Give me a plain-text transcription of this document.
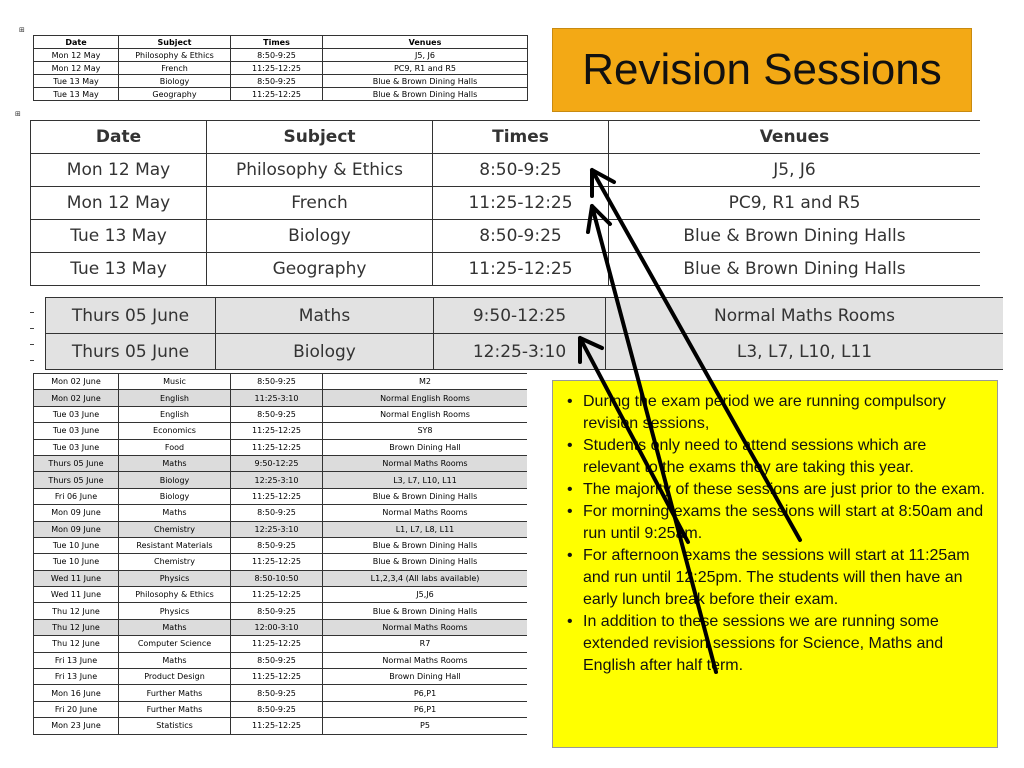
Date	Subject	Times	Venues
Mon 12 May	Philosophy & Ethics	8:50-9:25	J5, J6
Mon 12 May	French	11:25-12:25	PC9, R1 and R5
Tue 13 May	Biology	8:50-9:25	Blue & Brown Dining Halls
Tue 13 May	Geography	11:25-12:25	Blue & Brown Dining Halls
⊞
Date	Subject	Times	Venues
Mon 12 May	Philosophy & Ethics	8:50-9:25	J5, J6
Mon 12 May	French	11:25-12:25	PC9, R1 and R5
Tue 13 May	Biology	8:50-9:25	Blue & Brown Dining Halls
Tue 13 May	Geography	11:25-12:25	Blue & Brown Dining Halls
⊞
Thurs 05 June	Maths	9:50-12:25	Normal Maths Rooms
Thurs 05 June	Biology	12:25-3:10	L3, L7, L10, L11
Mon 02 June	Music	8:50-9:25	M2
Mon 02 June	English	11:25-3:10	Normal English Rooms
Tue 03 June	English	8:50-9:25	Normal English Rooms
Tue 03 June	Economics	11:25-12:25	SY8
Tue 03 June	Food	11:25-12:25	Brown Dining Hall
Thurs 05 June	Maths	9:50-12:25	Normal Maths Rooms
Thurs 05 June	Biology	12:25-3:10	L3, L7, L10, L11
Fri 06 June	Biology	11:25-12:25	Blue & Brown Dining Halls
Mon 09 June	Maths	8:50-9:25	Normal Maths Rooms
Mon 09 June	Chemistry	12:25-3:10	L1, L7, L8, L11
Tue 10 June	Resistant Materials	8:50-9:25	Blue & Brown Dining Halls
Tue 10 June	Chemistry	11:25-12:25	Blue & Brown Dining Halls
Wed 11 June	Physics	8:50-10:50	L1,2,3,4 (All labs available)
Wed 11 June	Philosophy & Ethics	11:25-12:25	J5,J6
Thu 12 June	Physics	8:50-9:25	Blue & Brown Dining Halls
Thu 12 June	Maths	12:00-3:10	Normal Maths Rooms
Thu 12 June	Computer Science	11:25-12:25	R7
Fri 13 June	Maths	8:50-9:25	Normal Maths Rooms
Fri 13 June	Product Design	11:25-12:25	Brown Dining Hall
Mon 16 June	Further Maths	8:50-9:25	P6,P1
Fri 20 June	Further Maths	8:50-9:25	P6,P1
Mon 23 June	Statistics	11:25-12:25	P5
Revision Sessions
• During the exam period we are running compulsory revision sessions,
• Students only need to attend sessions which are relevant to the exams they are taking this year.
• The majority of these sessions are just prior to the exam.
• For morning exams the sessions will start at 8:50am and run until 9:25am.
• For afternoon exams the sessions will start at 11:25am and run until 12:25pm. The students will then have an early lunch break before their exam.
• In addition to these sessions we are running some extended revision sessions for Science, Maths and English after half term.
